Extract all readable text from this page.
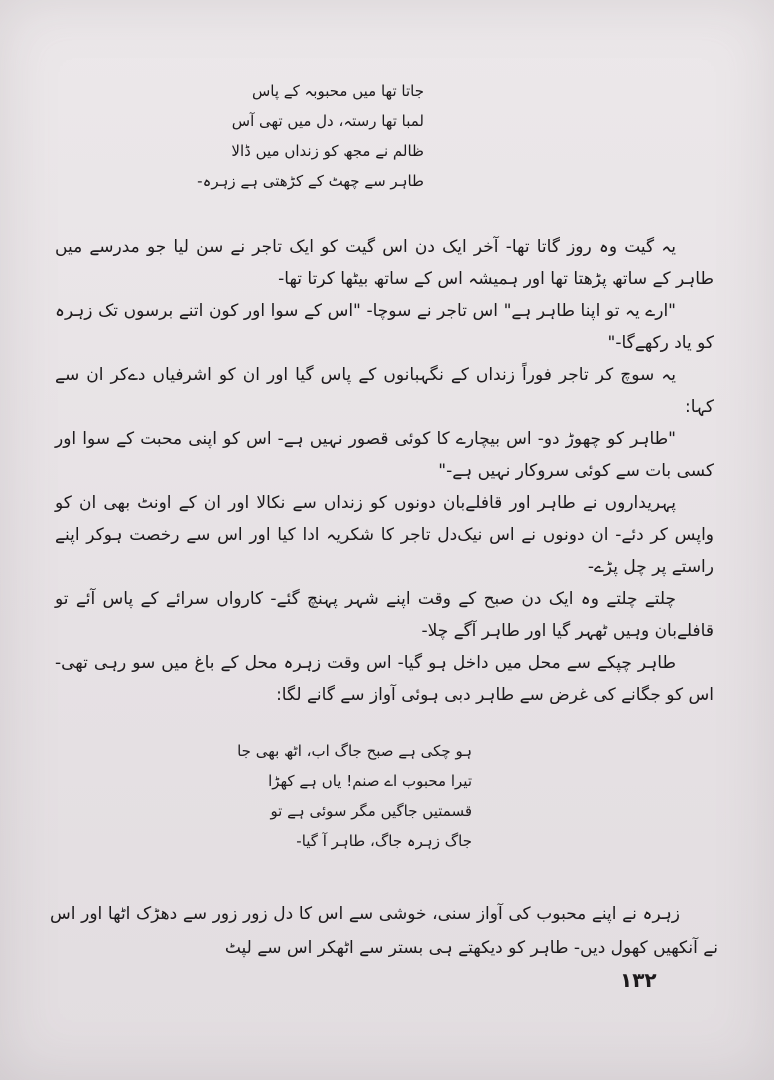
جاتا تھا میں محبوبہ کے پاس
لمبا تھا رستہ، دل میں تھی آس
ظالم نے مجھ کو زنداں میں ڈالا
طاہر سے چھٹ کے کڑھتی ہے زہرہ-

یہ گیت وہ روز گاتا تھا- آخر ایک دن اس گیت کو ایک تاجر نے سن لیا جو مدرسے میں طاہر کے ساتھ پڑھتا تھا اور ہمیشہ اس کے ساتھ بیٹھا کرتا تھا-

"ارے یہ تو اپنا طاہر ہے" اس تاجر نے سوچا- "اس کے سوا اور کون اتنے برسوں تک زہرہ کو یاد رکھےگا-"

یہ سوچ کر تاجر فوراً زنداں کے نگہبانوں کے پاس گیا اور ان کو اشرفیاں دےکر ان سے کہا:

"طاہر کو چھوڑ دو- اس بیچارے کا کوئی قصور نہیں ہے- اس کو اپنی محبت کے سوا اور کسی بات سے کوئی سروکار نہیں ہے-"

پہریداروں نے طاہر اور قافلےبان دونوں کو زنداں سے نکالا اور ان کے اونٹ بھی ان کو واپس کر دئے- ان دونوں نے اس نیک‌دل تاجر کا شکریہ ادا کیا اور اس سے رخصت ہوکر اپنے راستے پر چل پڑے-

چلتے چلتے وہ ایک دن صبح کے وقت اپنے شہر پہنچ گئے- کارواں سرائے کے پاس آئے تو قافلےبان وہیں ٹھہر گیا اور طاہر آگے چلا-

طاہر چپکے سے محل میں داخل ہو گیا- اس وقت زہرہ محل کے باغ میں سو رہی تھی- اس کو جگانے کی غرض سے طاہر دبی ہوئی آواز سے گانے لگا:

ہو چکی ہے صبح جاگ اب، اٹھ بھی جا
تیرا محبوب اے صنم! یاں ہے کھڑا
قسمتیں جاگیں مگر سوئی ہے تو
جاگ زہرہ جاگ، طاہر آ گیا-

زہرہ نے اپنے محبوب کی آواز سنی، خوشی سے اس کا دل زور زور سے دھڑک اٹھا اور اس نے آنکھیں کھول دیں- طاہر کو دیکھتے ہی بستر سے اٹھکر اس سے لپٹ

۱۳۲
